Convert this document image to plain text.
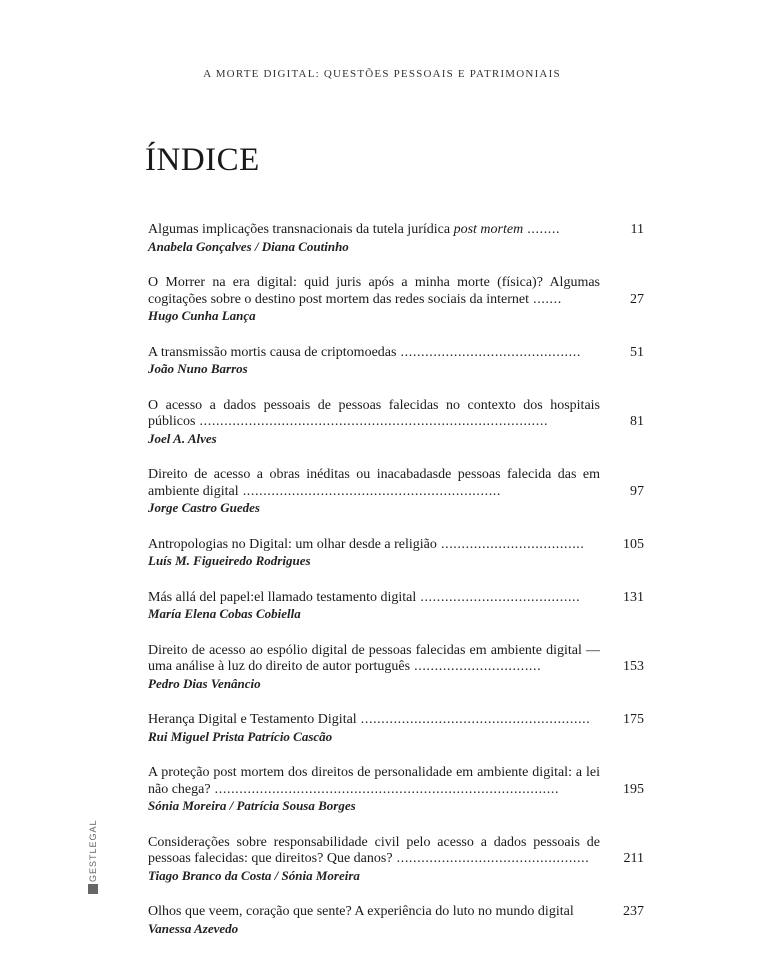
A MORTE DIGITAL: QUESTÕES PESSOAIS E PATRIMONIAIS
ÍNDICE
Algumas implicações transnacionais da tutela jurídica post mortem ........
Anabela Gonçalves / Diana Coutinho
11
O Morrer na era digital: quid juris após a minha morte (física)? Algumas cogitações sobre o destino post mortem das redes sociais da internet .......
Hugo Cunha Lança
27
A transmissão mortis causa de criptomoedas ............................................
João Nuno Barros
51
O acesso a dados pessoais de pessoas falecidas no contexto dos hospitais públicos .....................................................................................
Joel A. Alves
81
Direito de acesso a obras inéditas ou inacabadasde pessoas falecida das em ambiente digital ...............................................................
Jorge Castro Guedes
97
Antropologias no Digital: um olhar desde a religião ...................................
Luís M. Figueiredo Rodrigues
105
Más allá del papel:el llamado testamento digital .......................................
María Elena Cobas Cobiella
131
Direito de acesso ao espólio digital de pessoas falecidas em ambiente digital — uma análise à luz do direito de autor português ...............................
Pedro Dias Venâncio
153
Herança Digital e Testamento Digital ........................................................
Rui Miguel Prista Patrício Cascão
175
A proteção post mortem dos direitos de personalidade em ambiente digital: a lei não chega? ....................................................................................
Sónia Moreira / Patrícia Sousa Borges
195
Considerações sobre responsabilidade civil pelo acesso a dados pessoais de pessoas falecidas: que direitos? Que danos? ...............................................
Tiago Branco da Costa / Sónia Moreira
211
Olhos que veem, coração que sente? A experiência do luto no mundo digital
Vanessa Azevedo
237
GESTLEGAL
